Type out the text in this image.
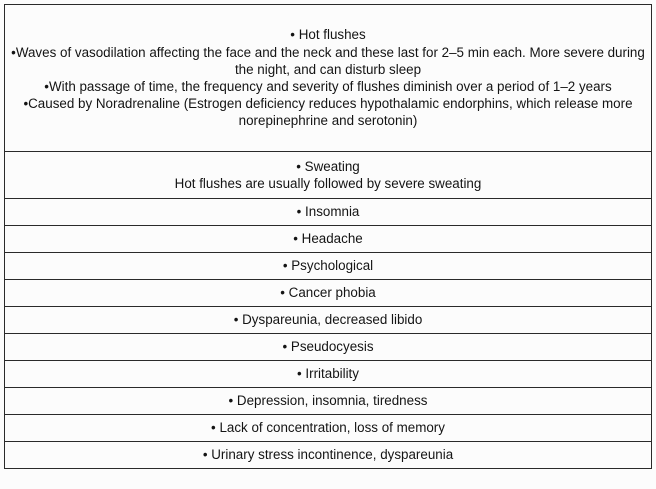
• Hot flushes
•Waves of vasodilation affecting the face and the neck and these last for 2–5 min each. More severe during the night, and can disturb sleep
•With passage of time, the frequency and severity of flushes diminish over a period of 1–2 years
•Caused by Noradrenaline (Estrogen deficiency reduces hypothalamic endorphins, which release more norepinephrine and serotonin)

• Sweating
Hot flushes are usually followed by severe sweating

• Insomnia
• Headache
• Psychological
• Cancer phobia
• Dyspareunia, decreased libido
• Pseudocyesis
• Irritability
• Depression, insomnia, tiredness
• Lack of concentration, loss of memory
• Urinary stress incontinence, dyspareunia
